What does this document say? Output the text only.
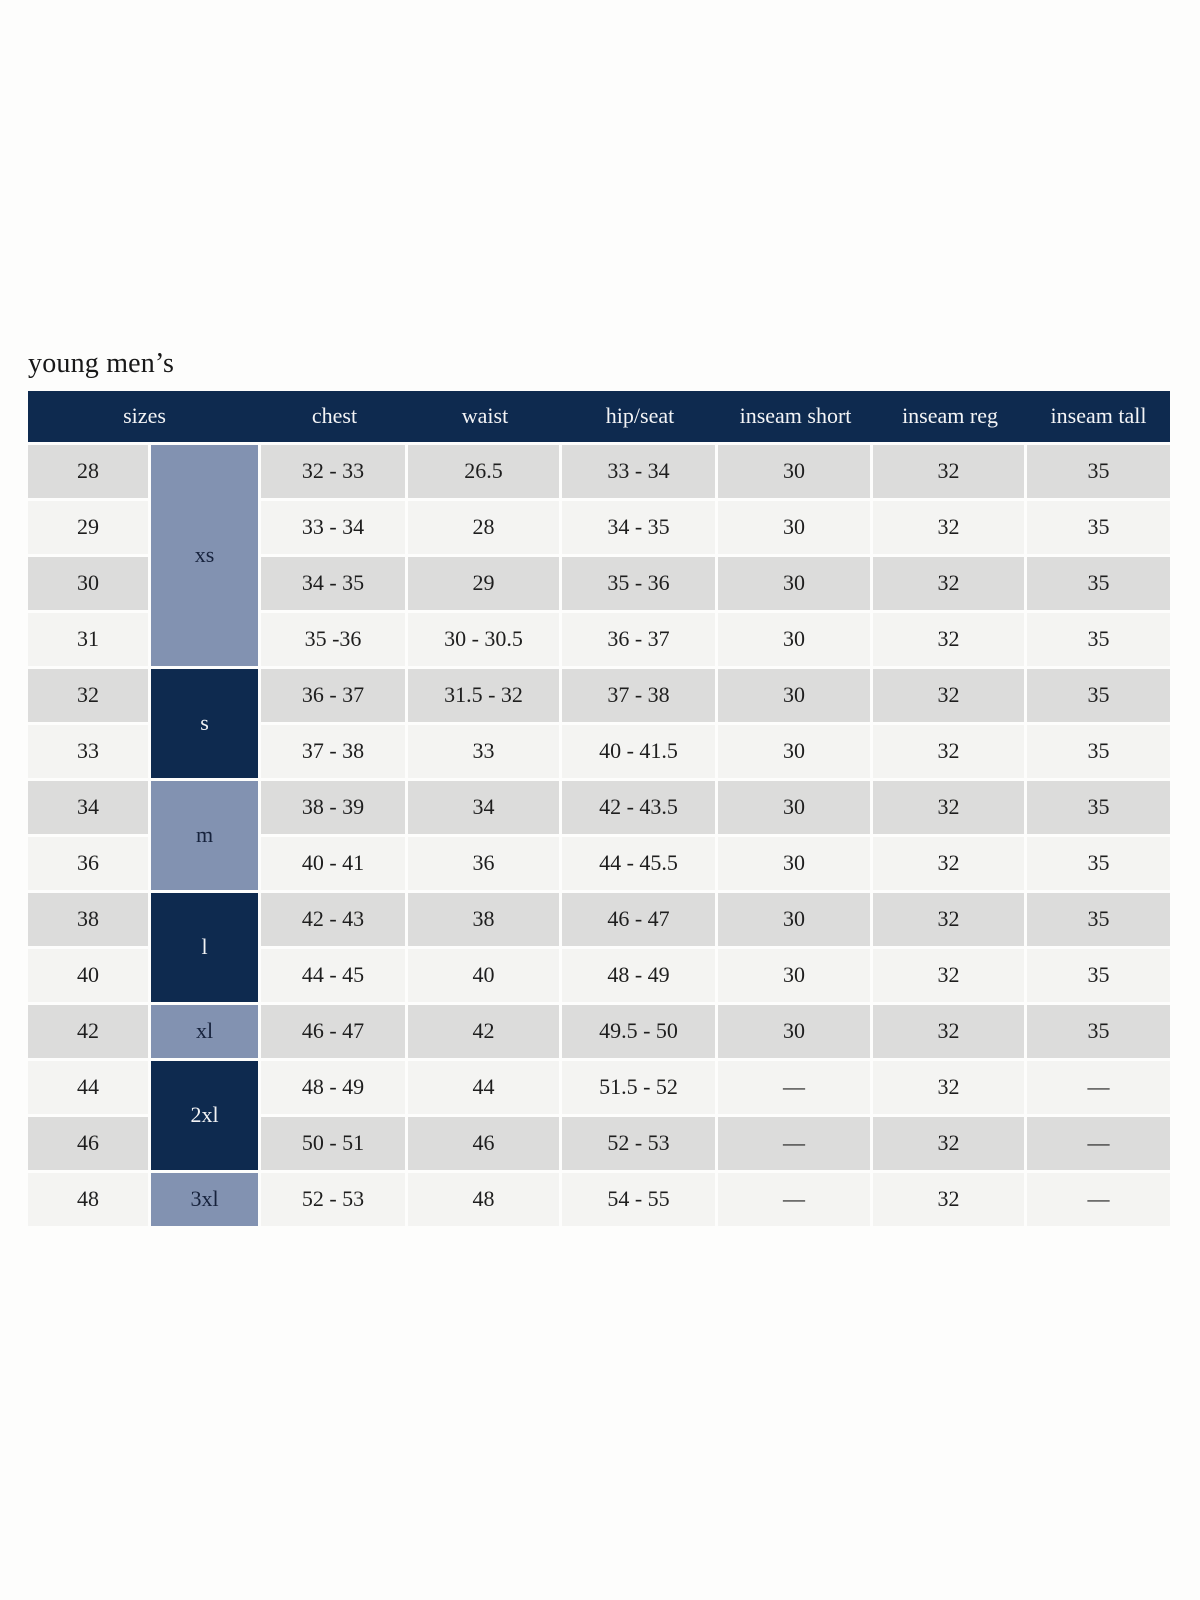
young men’s
sizes		chest	waist	hip/seat	inseam short	inseam reg	inseam tall
28	xs	32 - 33	26.5	33 - 34	30	32	35
29		33 - 34	28	34 - 35	30	32	35
30		34 - 35	29	35 - 36	30	32	35
31		35 -36	30 - 30.5	36 - 37	30	32	35
32	s	36 - 37	31.5 - 32	37 - 38	30	32	35
33		37 - 38	33	40 - 41.5	30	32	35
34	m	38 - 39	34	42 - 43.5	30	32	35
36		40 - 41	36	44 - 45.5	30	32	35
38	l	42 - 43	38	46 - 47	30	32	35
40		44 - 45	40	48 - 49	30	32	35
42	xl	46 - 47	42	49.5 - 50	30	32	35
44	2xl	48 - 49	44	51.5 - 52	—	32	—
46		50 - 51	46	52 - 53	—	32	—
48	3xl	52 - 53	48	54 - 55	—	32	—
